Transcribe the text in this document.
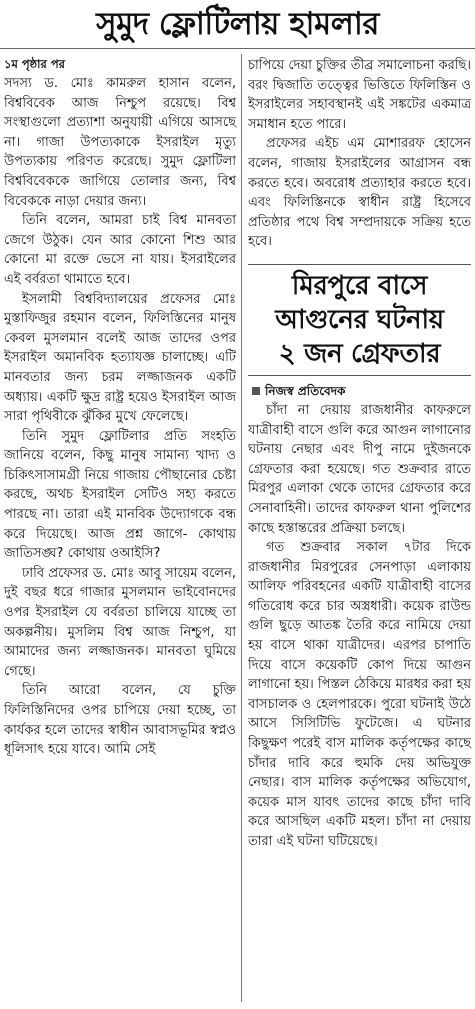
সুমুদ ফ্লোটিলায় হামলার
১ম পৃষ্ঠার পর

সদস্য ড. মোঃ কামরুল হাসান বলেন, বিশ্ববিবেক আজ নিশ্চুপ রয়েছে। বিশ্ব সংস্থাগুলো প্রত্যাশা অনুযায়ী এগিয়ে আসছে না। গাজা উপত্যকাকে ইসরাইল মৃত্যু উপত্যকায় পরিণত করেছে। সুমুদ ফ্লোটিলা বিশ্ববিবেককে জাগিয়ে তোলার জন্য, বিশ্ব বিবেককে নাড়া দেয়ার জন্য।

তিনি বলেন, আমরা চাই বিশ্ব মানবতা জেগে উঠুক। যেন আর কোনো শিশু আর কোনো মা রক্তে ভেসে না যায়। ইসরাইলের এই বর্বরতা থামাতে হবে।

ইসলামী বিশ্ববিদ্যালয়ের প্রফেসর মোঃ মুস্তাফিজুর রহমান বলেন, ফিলিস্তিনের মানুষ কেবল মুসলমান বলেই আজ তাদের ওপর ইসরাইল অমানবিক হত্যাযজ্ঞ চালাচ্ছে। এটি মানবতার জন্য চরম লজ্জাজনক একটি অধ্যায়। একটি ক্ষুদ্র রাষ্ট্র হয়েও ইসরাইল আজ সারা পৃথিবীকে ঝুঁকির মুখে ফেলেছে।

তিনি সুমুদ ফ্লোটিলার প্রতি সংহতি জানিয়ে বলেন, কিছু মানুষ সামান্য খাদ্য ও চিকিৎসাসামগ্রী নিয়ে গাজায় পৌছানোর চেষ্টা করছে, অথচ ইসরাইল সেটিও সহ্য করতে পারছে না। তারা এই মানবিক উদ্যোগকে বন্ধ করে দিয়েছে। আজ প্রশ্ন জাগে- কোথায় জাতিসঙ্ঘ? কোথায় ওআইসি?

ঢাবি প্রফেসর ড. মোঃ আবু সায়েম বলেন, দুই বছর ধরে গাজার মুসলমান ভাইবোনদের ওপর ইসরাইল যে বর্বরতা চালিয়ে যাচ্ছে তা অকল্পনীয়। মুসলিম বিশ্ব আজ নিশ্চুপ, যা আমাদের জন্য লজ্জাজনক। মানবতা ঘুমিয়ে গেছে।

তিনি আরো বলেন, যে চুক্তি ফিলিস্তিনিদের ওপর চাপিয়ে দেয়া হচ্ছে, তা কার্যকর হলে তাদের স্বাধীন আবাসভূমির স্বপ্নও ধূলিসাৎ হয়ে যাবে। আমি সেই

চাপিয়ে দেয়া চুক্তির তীব্র সমালোচনা করছি। বরং দ্বিজাতি তত্ত্বের ভিত্তিতে ফিলিস্তিন ও ইসরাইলের সহাবস্থানই এই সঙ্কটের একমাত্র সমাধান হতে পারে।

প্রফেসর এইচ এম মোশাররফ হোসেন বলেন, গাজায় ইসরাইলের আগ্রাসন বন্ধ করতে হবে। অবরোধ প্রত্যাহার করতে হবে। এবং ফিলিস্তিনকে স্বাধীন রাষ্ট্র হিসেবে প্রতিষ্ঠার পথে বিশ্ব সম্প্রদায়কে সক্রিয় হতে হবে।

মিরপুরে বাসে
আগুনের ঘটনায়
২ জন গ্রেফতার
নিজস্ব প্রতিবেদক

চাঁদা না দেয়ায় রাজধানীর কাফরুলে যাত্রীবাহী বাসে গুলি করে আগুন লাগানোর ঘটনায় নেছার এবং দীপু নামে দুইজনকে গ্রেফতার করা হয়েছে। গত শুক্রবার রাতে মিরপুর এলাকা থেকে তাদের গ্রেফতার করে সেনাবাহিনী। তাদের কাফরুল থানা পুলিশের কাছে হস্তান্তরের প্রক্রিয়া চলছে।

গত শুক্রবার সকাল ৭টার দিকে রাজধানীর মিরপুরের সেনপাড়া এলাকায় আলিফ পরিবহনের একটি যাত্রীবাহী বাসের গতিরোধ করে চার অস্ত্রধারী। কয়েক রাউন্ড গুলি ছুড়ে আতঙ্ক তৈরি করে নামিয়ে দেয়া হয় বাসে থাকা যাত্রীদের। এরপর চাপাতি দিয়ে বাসে কয়েকটি কোপ দিয়ে আগুন লাগানো হয়। পিস্তল ঠেকিয়ে মারধর করা হয় বাসচালক ও হেলপারকে। পুরো ঘটনাই উঠে আসে সিসিটিভি ফুটেজে। এ ঘটনার কিছুক্ষণ পরেই বাস মালিক কর্তৃপক্ষের কাছে চাঁদার দাবি করে হুমকি দেয় অভিযুক্ত নেছার। বাস মালিক কর্তৃপক্ষের অভিযোগ, কয়েক মাস যাবৎ তাদের কাছে চাঁদা দাবি করে আসছিল একটি মহল। চাঁদা না দেয়ায় তারা এই ঘটনা ঘটিয়েছে।
